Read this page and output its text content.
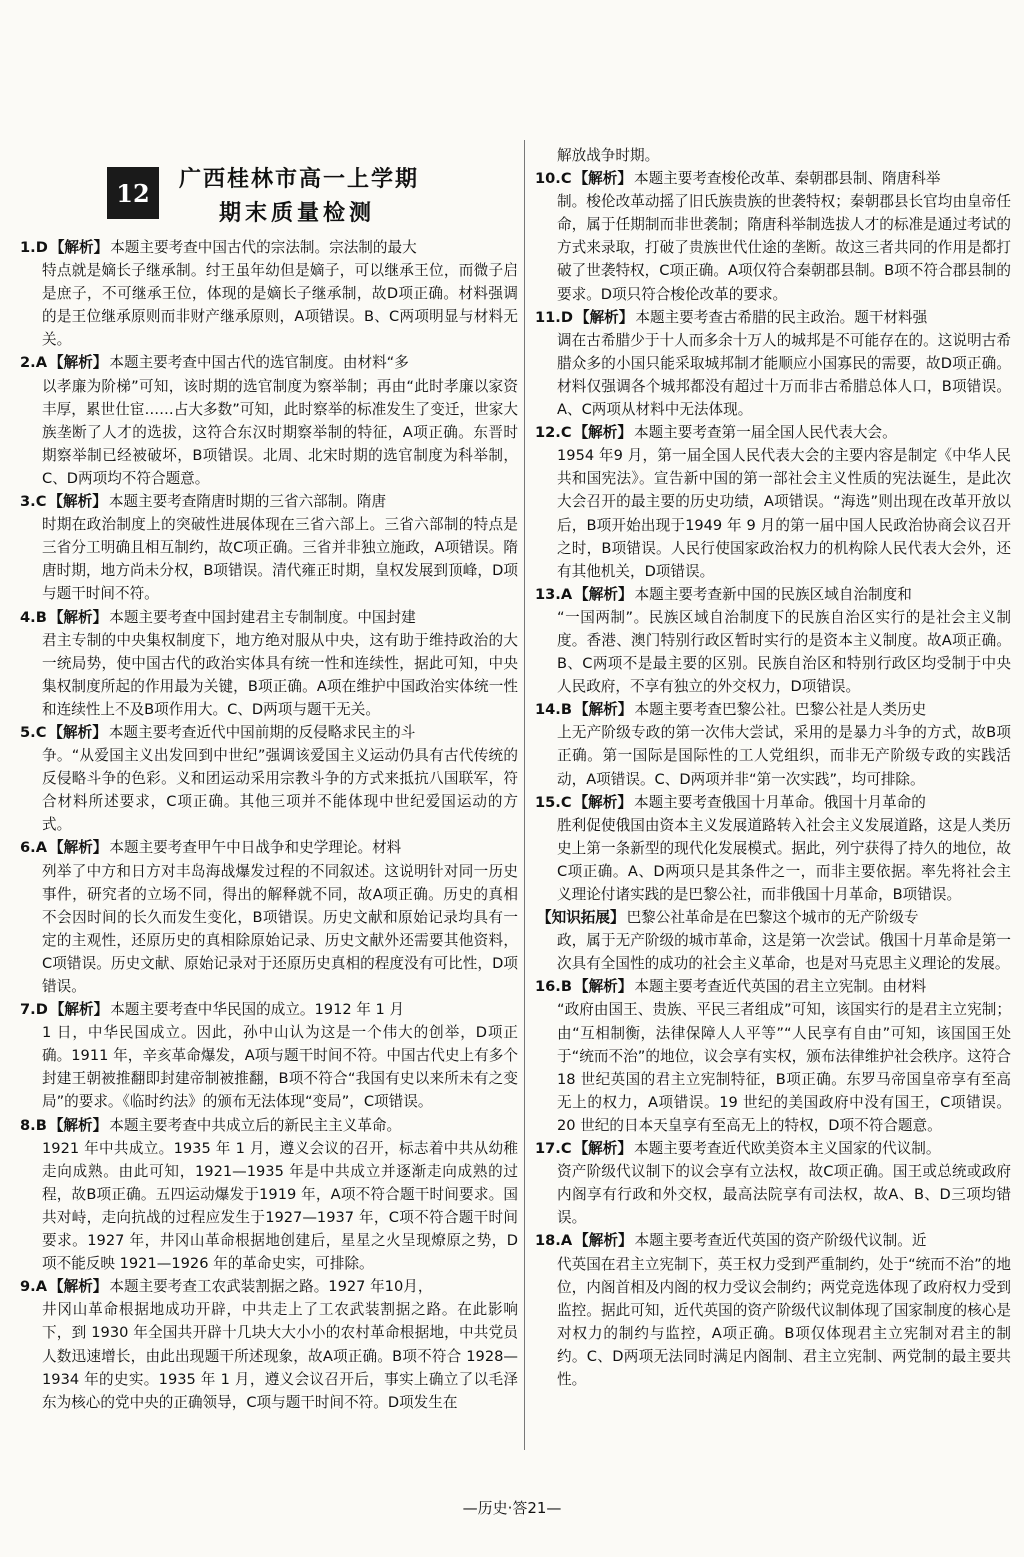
12	广西桂林市高一上学期
期末质量检测

1.D 【解析】 本题主要考查中国古代的宗法制。宗法制的最大

特点就是嫡长子继承制。纣王虽年幼但是嫡子，可以继承王位，而微子启是庶子，不可继承王位，体现的是嫡长子继承制，故D项正确。材料强调的是王位继承原则而非财产继承原则，A项错误。B、C两项明显与材料无关。

2.A 【解析】 本题主要考查中国古代的选官制度。由材料“多

以孝廉为阶梯”可知，该时期的选官制度为察举制；再由“此时孝廉以家资丰厚，累世仕宦……占大多数”可知，此时察举的标准发生了变迁，世家大族垄断了人才的选拔，这符合东汉时期察举制的特征，A项正确。东晋时期察举制已经被破坏，B项错误。北周、北宋时期的选官制度为科举制，C、D两项均不符合题意。

3.C 【解析】 本题主要考查隋唐时期的三省六部制。隋唐

时期在政治制度上的突破性进展体现在三省六部上。三省六部制的特点是三省分工明确且相互制约，故C项正确。三省并非独立施政，A项错误。隋唐时期，地方尚未分权，B项错误。清代雍正时期，皇权发展到顶峰，D项与题干时间不符。

4.B 【解析】 本题主要考查中国封建君主专制制度。中国封建

君主专制的中央集权制度下，地方绝对服从中央，这有助于维持政治的大一统局势，使中国古代的政治实体具有统一性和连续性，据此可知，中央集权制度所起的作用最为关键，B项正确。A项在维护中国政治实体统一性和连续性上不及B项作用大。C、D两项与题干无关。

5.C 【解析】 本题主要考查近代中国前期的反侵略求民主的斗

争。“从爱国主义出发回到中世纪”强调该爱国主义运动仍具有古代传统的反侵略斗争的色彩。义和团运动采用宗教斗争的方式来抵抗八国联军，符合材料所述要求，C项正确。其他三项并不能体现中世纪爱国运动的方式。

6.A 【解析】 本题主要考查甲午中日战争和史学理论。材料

列举了中方和日方对丰岛海战爆发过程的不同叙述。这说明针对同一历史事件，研究者的立场不同，得出的解释就不同，故A项正确。历史的真相不会因时间的长久而发生变化，B项错误。历史文献和原始记录均具有一定的主观性，还原历史的真相除原始记录、历史文献外还需要其他资料，C项错误。历史文献、原始记录对于还原历史真相的程度没有可比性，D项错误。

7.D 【解析】 本题主要考查中华民国的成立。1912 年 1 月

1 日，中华民国成立。因此，孙中山认为这是一个伟大的创举，D项正确。1911 年，辛亥革命爆发，A项与题干时间不符。中国古代史上有多个封建王朝被推翻即封建帝制被推翻，B项不符合“我国有史以来所未有之变局”的要求。《临时约法》的颁布无法体现“变局”，C项错误。

8.B 【解析】 本题主要考查中共成立后的新民主主义革命。

1921 年中共成立。1935 年 1 月，遵义会议的召开，标志着中共从幼稚走向成熟。由此可知，1921—1935 年是中共成立并逐渐走向成熟的过程，故B项正确。五四运动爆发于1919 年，A项不符合题干时间要求。国共对峙，走向抗战的过程应发生于1927—1937 年，C项不符合题干时间要求。1927 年，井冈山革命根据地创建后，星星之火呈现燎原之势，D项不能反映 1921—1926 年的革命史实，可排除。

9.A 【解析】 本题主要考查工农武装割据之路。1927 年10月，

井冈山革命根据地成功开辟，中共走上了工农武装割据之路。在此影响下，到 1930 年全国共开辟十几块大大小小的农村革命根据地，中共党员人数迅速增长，由此出现题干所述现象，故A项正确。B项不符合 1928—1934 年的史实。1935 年 1 月，遵义会议召开后，事实上确立了以毛泽东为核心的党中央的正确领导，C项与题干时间不符。D项发生在

解放战争时期。

10.C 【解析】 本题主要考查梭伦改革、秦朝郡县制、隋唐科举

制。梭伦改革动摇了旧氏族贵族的世袭特权；秦朝郡县长官均由皇帝任命，属于任期制而非世袭制；隋唐科举制选拔人才的标准是通过考试的方式来录取，打破了贵族世代仕途的垄断。故这三者共同的作用是都打破了世袭特权，C项正确。A项仅符合秦朝郡县制。B项不符合郡县制的要求。D项只符合梭伦改革的要求。

11.D 【解析】 本题主要考查古希腊的民主政治。题干材料强

调在古希腊少于十人而多余十万人的城邦是不可能存在的。这说明古希腊众多的小国只能采取城邦制才能顺应小国寡民的需要，故D项正确。材料仅强调各个城邦都没有超过十万而非古希腊总体人口，B项错误。A、C两项从材料中无法体现。

12.C 【解析】 本题主要考查第一届全国人民代表大会。

1954 年9 月，第一届全国人民代表大会的主要内容是制定《中华人民共和国宪法》。宣告新中国的第一部社会主义性质的宪法诞生，是此次大会召开的最主要的历史功绩，A项错误。“海选”则出现在改革开放以后，B项开始出现于1949 年 9 月的第一届中国人民政治协商会议召开之时，B项错误。人民行使国家政治权力的机构除人民代表大会外，还有其他机关，D项错误。

13.A 【解析】 本题主要考查新中国的民族区域自治制度和

“一国两制”。民族区域自治制度下的民族自治区实行的是社会主义制度。香港、澳门特别行政区暂时实行的是资本主义制度。故A项正确。B、C两项不是最主要的区别。民族自治区和特别行政区均受制于中央人民政府，不享有独立的外交权力，D项错误。

14.B 【解析】 本题主要考查巴黎公社。巴黎公社是人类历史

上无产阶级专政的第一次伟大尝试，采用的是暴力斗争的方式，故B项正确。第一国际是国际性的工人党组织，而非无产阶级专政的实践活动，A项错误。C、D两项并非“第一次实践”，均可排除。

15.C 【解析】 本题主要考查俄国十月革命。俄国十月革命的

胜利促使俄国由资本主义发展道路转入社会主义发展道路，这是人类历史上第一条新型的现代化发展模式。据此，列宁获得了持久的地位，故C项正确。A、D两项只是其条件之一，而非主要依据。率先将社会主义理论付诸实践的是巴黎公社，而非俄国十月革命，B项错误。

【知识拓展】 巴黎公社革命是在巴黎这个城市的无产阶级专

政，属于无产阶级的城市革命，这是第一次尝试。俄国十月革命是第一次具有全国性的成功的社会主义革命，也是对马克思主义理论的发展。

16.B 【解析】 本题主要考查近代英国的君主立宪制。由材料

“政府由国王、贵族、平民三者组成”可知，该国实行的是君主立宪制；由“互相制衡，法律保障人人平等”“人民享有自由”可知，该国国王处于“统而不治”的地位，议会享有实权，颁布法律维护社会秩序。这符合 18 世纪英国的君主立宪制特征，B项正确。东罗马帝国皇帝享有至高无上的权力，A项错误。19 世纪的美国政府中没有国王，C项错误。20 世纪的日本天皇享有至高无上的特权，D项不符合题意。

17.C 【解析】 本题主要考查近代欧美资本主义国家的代议制。

资产阶级代议制下的议会享有立法权，故C项正确。国王或总统或政府内阁享有行政和外交权，最高法院享有司法权，故A、B、D三项均错误。

18.A 【解析】 本题主要考查近代英国的资产阶级代议制。近

代英国在君主立宪制下，英王权力受到严重制约，处于“统而不治”的地位，内阁首相及内阁的权力受议会制约；两党竞选体现了政府权力受到监控。据此可知，近代英国的资产阶级代议制体现了国家制度的核心是对权力的制约与监控，A项正确。B项仅体现君主立宪制对君主的制约。C、D两项无法同时满足内阁制、君主立宪制、两党制的最主要共性。

—历史·答21—
